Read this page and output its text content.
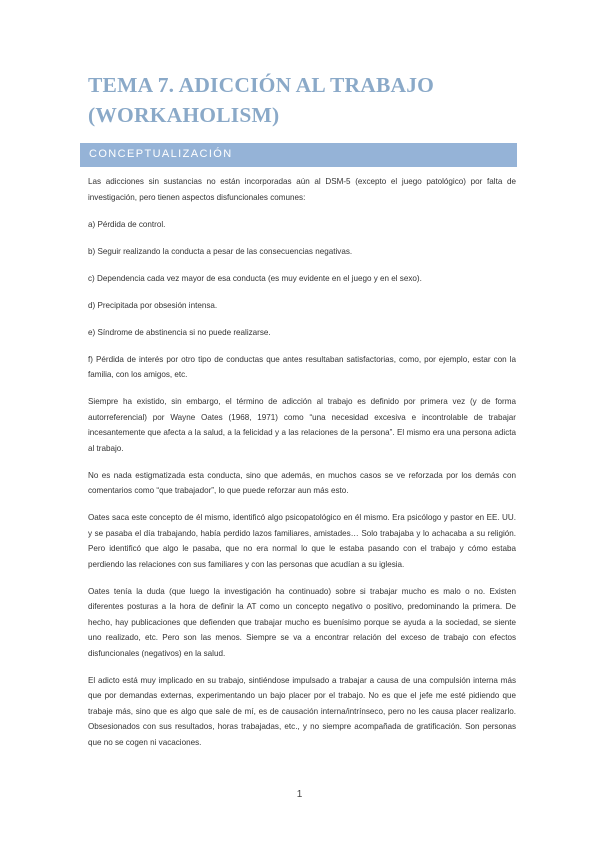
TEMA 7. ADICCIÓN AL TRABAJO
(WORKAHOLISM)
CONCEPTUALIZACIÓN

Las adicciones sin sustancias no están incorporadas aún al DSM-5 (excepto el juego patológico) por falta de investigación, pero tienen aspectos disfuncionales comunes:

a) Pérdida de control.

b) Seguir realizando la conducta a pesar de las consecuencias negativas.

c) Dependencia cada vez mayor de esa conducta (es muy evidente en el juego y en el sexo).

d) Precipitada por obsesión intensa.

e) Síndrome de abstinencia si no puede realizarse.

f) Pérdida de interés por otro tipo de conductas que antes resultaban satisfactorias, como, por ejemplo, estar con la familia, con los amigos, etc.

Siempre ha existido, sin embargo, el término de adicción al trabajo es definido por primera vez (y de forma autorreferencial) por Wayne Oates (1968, 1971) como “una necesidad excesiva e incontrolable de trabajar incesantemente que afecta a la salud, a la felicidad y a las relaciones de la persona”. El mismo era una persona adicta al trabajo.

No es nada estigmatizada esta conducta, sino que además, en muchos casos se ve reforzada por los demás con comentarios como “que trabajador”, lo que puede reforzar aun más esto.

Oates saca este concepto de él mismo, identificó algo psicopatológico en él mismo. Era psicólogo y pastor en EE. UU. y se pasaba el día trabajando, había perdido lazos familiares, amistades… Solo trabajaba y lo achacaba a su religión. Pero identificó que algo le pasaba, que no era normal lo que le estaba pasando con el trabajo y cómo estaba perdiendo las relaciones con sus familiares y con las personas que acudían a su iglesia.

Oates tenía la duda (que luego la investigación ha continuado) sobre si trabajar mucho es malo o no. Existen diferentes posturas a la hora de definir la AT como un concepto negativo o positivo, predominando la primera. De hecho, hay publicaciones que defienden que trabajar mucho es buenísimo porque se ayuda a la sociedad, se siente uno realizado, etc. Pero son las menos. Siempre se va a encontrar relación del exceso de trabajo con efectos disfuncionales (negativos) en la salud.

El adicto está muy implicado en su trabajo, sintiéndose impulsado a trabajar a causa de una compulsión interna más que por demandas externas, experimentando un bajo placer por el trabajo. No es que el jefe me esté pidiendo que trabaje más, sino que es algo que sale de mí, es de causación interna/intrínseco, pero no les causa placer realizarlo. Obsesionados con sus resultados, horas trabajadas, etc., y no siempre acompañada de gratificación. Son personas que no se cogen ni vacaciones.

1
